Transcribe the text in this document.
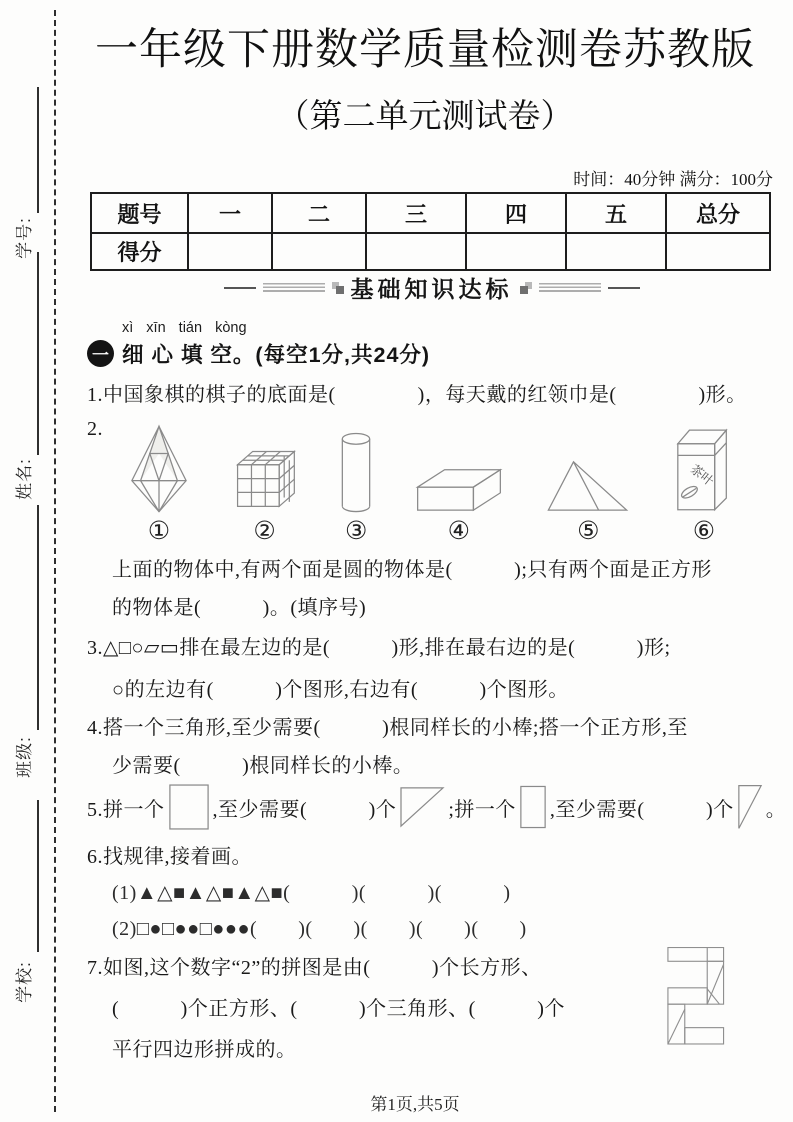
学号:
姓名:
班级:
学校:
一年级下册数学质量检测卷苏教版
（第二单元测试卷）
时间：40分钟 满分：100分
题号	一	二	三	四	五	总分
得分						
基础知识达标
xì xīn tián kòng
一 细 心 填 空。(每空1分,共24分)
1.中国象棋的棋子的底面是(　　　　)，每天戴的红领巾是(　　　　)形。
2.
①	②	③	④	⑤
茶叶
⑥
上面的物体中,有两个面是圆的物体是(　　　);只有两个面是正方形
的物体是(　　　)。(填序号)
3.△□○▱▭排在最左边的是(　　　)形,排在最右边的是(　　　)形;
○的左边有(　　　)个图形,右边有(　　　)个图形。
4.搭一个三角形,至少需要(　　　)根同样长的小棒;搭一个正方形,至
少需要(　　　)根同样长的小棒。
5.拼一个 ,至少需要(　　　)个	;拼一个 ,至少需要(　　　)个 。
6.找规律,接着画。
(1)▲△■▲△■▲△■(　　　)(　　　)(　　　)
(2)□●□●●□●●●(　　)(　　)(　　)(　　)(　　)
7.如图,这个数字“2”的拼图是由(　　　)个长方形、
(　　　)个正方形、(　　　)个三角形、(　　　)个
平行四边形拼成的。
第1页,共5页
